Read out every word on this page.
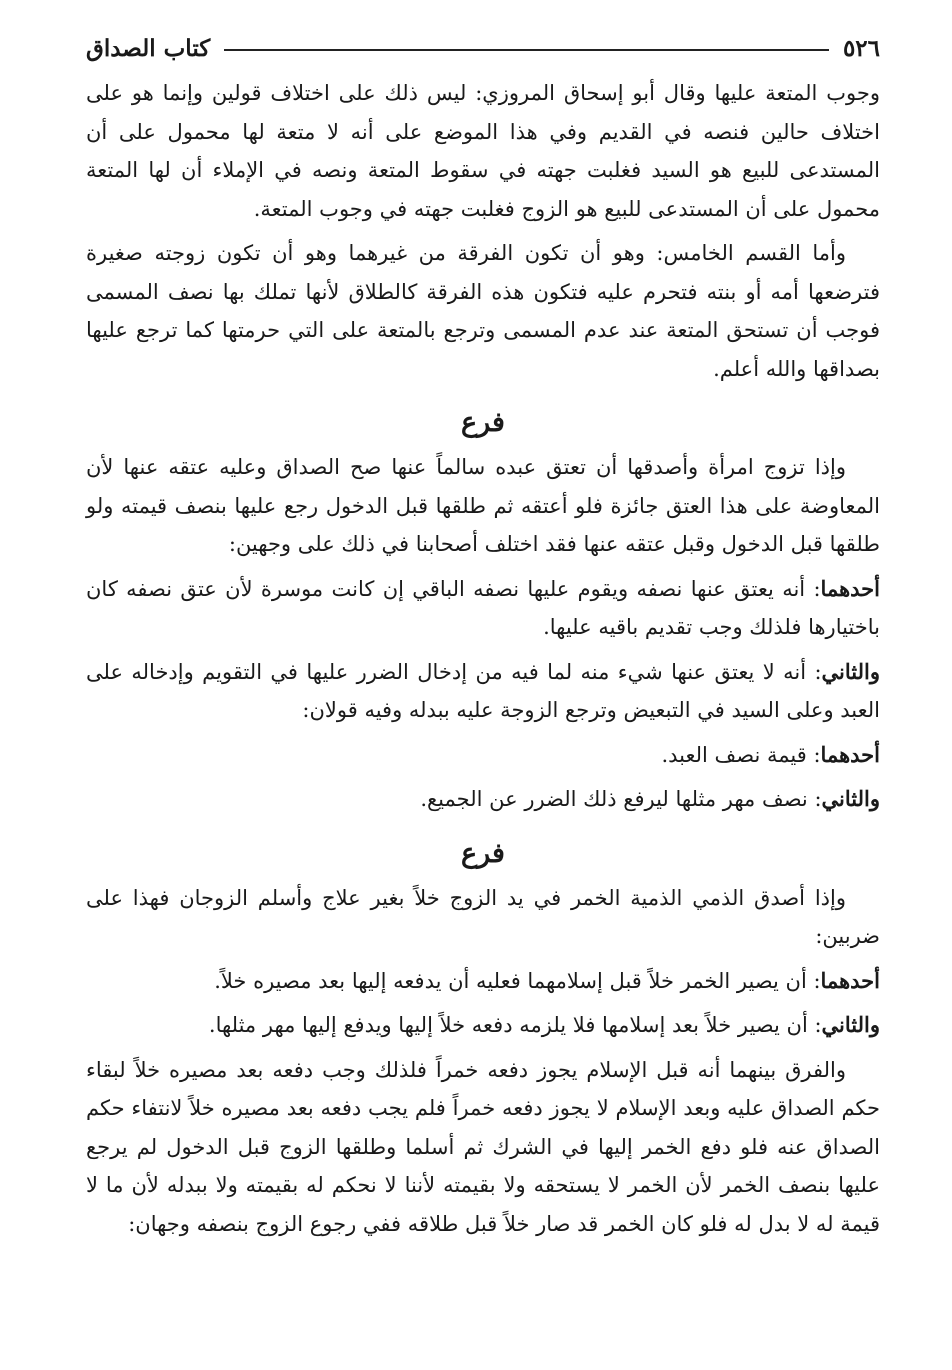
٥٢٦
كتاب الصداق

وجوب المتعة عليها وقال أبو إسحاق المروزي: ليس ذلك على اختلاف قولين وإنما هو على اختلاف حالين فنصه في القديم وفي هذا الموضع على أنه لا متعة لها محمول على أن المستدعى للبيع هو السيد فغلبت جهته في سقوط المتعة ونصه في الإملاء أن لها المتعة محمول على أن المستدعى للبيع هو الزوج فغلبت جهته في وجوب المتعة.

وأما القسم الخامس: وهو أن تكون الفرقة من غيرهما وهو أن تكون زوجته صغيرة فترضعها أمه أو بنته فتحرم عليه فتكون هذه الفرقة كالطلاق لأنها تملك بها نصف المسمى فوجب أن تستحق المتعة عند عدم المسمى وترجع بالمتعة على التي حرمتها كما ترجع عليها بصداقها والله أعلم.

فرع

وإذا تزوج امرأة وأصدقها أن تعتق عبده سالماً عنها صح الصداق وعليه عتقه عنها لأن المعاوضة على هذا العتق جائزة فلو أعتقه ثم طلقها قبل الدخول رجع عليها بنصف قيمته ولو طلقها قبل الدخول وقبل عتقه عنها فقد اختلف أصحابنا في ذلك على وجهين:

أحدهما: أنه يعتق عنها نصفه ويقوم عليها نصفه الباقي إن كانت موسرة لأن عتق نصفه كان باختيارها فلذلك وجب تقديم باقيه عليها.

والثاني: أنه لا يعتق عنها شيء منه لما فيه من إدخال الضرر عليها في التقويم وإدخاله على العبد وعلى السيد في التبعيض وترجع الزوجة عليه ببدله وفيه قولان:

أحدهما: قيمة نصف العبد.

والثاني: نصف مهر مثلها ليرفع ذلك الضرر عن الجميع.

فرع

وإذا أصدق الذمي الذمية الخمر في يد الزوج خلاً بغير علاج وأسلم الزوجان فهذا على ضربين:

أحدهما: أن يصير الخمر خلاً قبل إسلامهما فعليه أن يدفعه إليها بعد مصيره خلاً.

والثاني: أن يصير خلاً بعد إسلامها فلا يلزمه دفعه خلاً إليها ويدفع إليها مهر مثلها.

والفرق بينهما أنه قبل الإسلام يجوز دفعه خمراً فلذلك وجب دفعه بعد مصيره خلاً لبقاء حكم الصداق عليه وبعد الإسلام لا يجوز دفعه خمراً فلم يجب دفعه بعد مصيره خلاً لانتفاء حكم الصداق عنه فلو دفع الخمر إليها في الشرك ثم أسلما وطلقها الزوج قبل الدخول لم يرجع عليها بنصف الخمر لأن الخمر لا يستحقه ولا بقيمته لأننا لا نحكم له بقيمته ولا ببدله لأن ما لا قيمة له لا بدل له فلو كان الخمر قد صار خلاً قبل طلاقه ففي رجوع الزوج بنصفه وجهان:
